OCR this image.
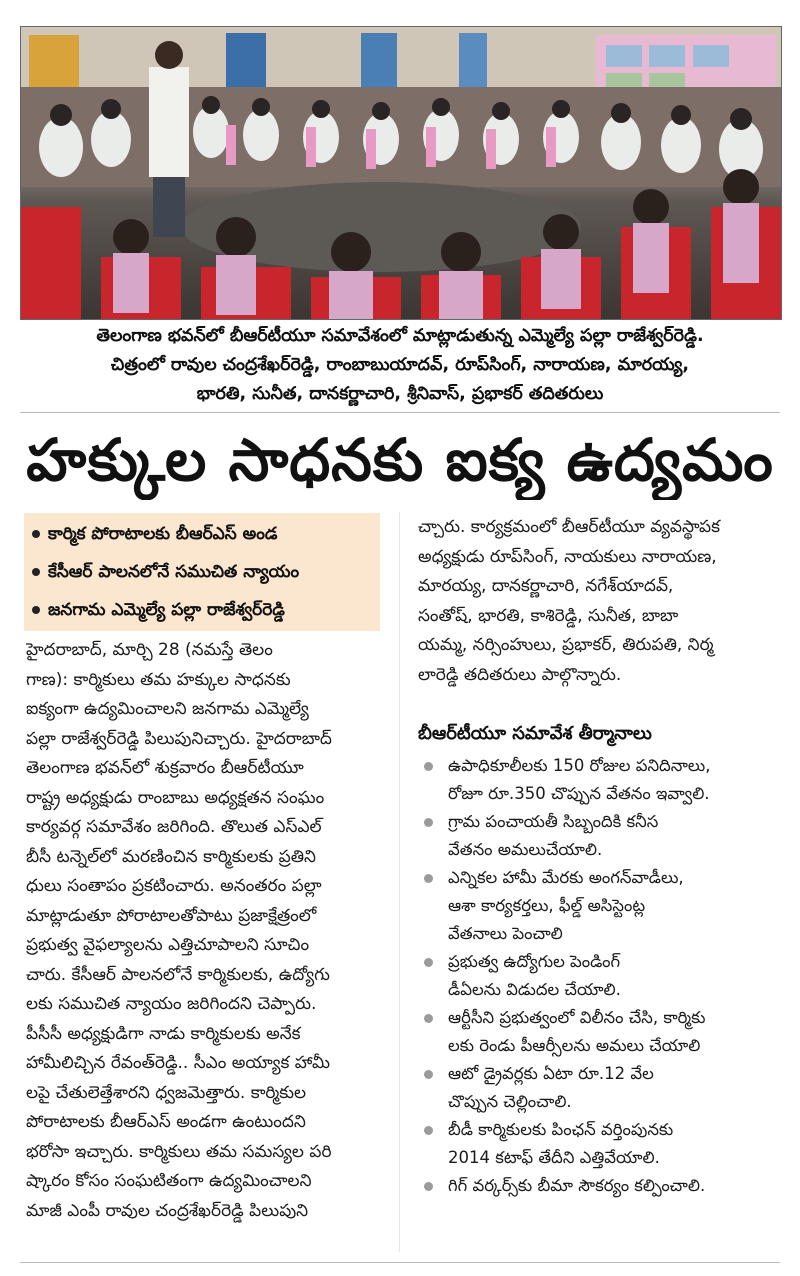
తెలంగాణ భవన్‌లో బీఆర్‌టీయూ సమావేశంలో మాట్లాడుతున్న ఎమ్మెల్యే పల్లా రాజేశ్వర్‌రెడ్డి.
చిత్రంలో రావుల చంద్రశేఖర్‌రెడ్డి, రాంబాబుయాదవ్, రూప్‌సింగ్, నారాయణ, మారయ్య,
భారతి, సునీత, దానకర్ణాచారి, శ్రీనివాస్, ప్రభాకర్ తదితరులు
హక్కుల సాధనకు ఐక్య ఉద్యమం
కార్మిక పోరాటాలకు బీఆర్‌ఎస్ అండ
కేసీఆర్ పాలనలోనే సముచిత న్యాయం
జనగామ ఎమ్మెల్యే పల్లా రాజేశ్వర్‌రెడ్డి
హైదరాబాద్, మార్చి 28 (నమస్తే తెలం
గాణ): కార్మికులు తమ హక్కుల సాధనకు
ఐక్యంగా ఉద్యమించాలని జనగామ ఎమ్మెల్యే
పల్లా రాజేశ్వర్‌రెడ్డి పిలుపునిచ్చారు. హైదరాబాద్
తెలంగాణ భవన్‌లో శుక్రవారం బీఆర్‌టీయూ
రాష్ట్ర అధ్యక్షుడు రాంబాబు అధ్యక్షతన సంఘం
కార్యవర్గ సమావేశం జరిగింది. తొలుత ఎస్‌ఎల్
బీసీ టన్నెల్‌లో మరణించిన కార్మికులకు ప్రతిని
ధులు సంతాపం ప్రకటించారు. అనంతరం పల్లా
మాట్లాడుతూ పోరాటాలతోపాటు ప్రజాక్షేత్రంలో
ప్రభుత్వ వైఫల్యాలను ఎత్తిచూపాలని సూచిం
చారు. కేసీఆర్ పాలనలోనే కార్మికులకు, ఉద్యోగు
లకు సముచిత న్యాయం జరిగిందని చెప్పారు.
పీసీసీ అధ్యక్షుడిగా నాడు కార్మికులకు అనేక
హామీలిచ్చిన రేవంత్‌రెడ్డి.. సీఎం అయ్యాక హామీ
లపై చేతులెత్తేశారని ధ్వజమెత్తారు. కార్మికుల
పోరాటాలకు బీఆర్‌ఎస్ అండగా ఉంటుందని
భరోసా ఇచ్చారు. కార్మికులు తమ సమస్యల పరి
ష్కారం కోసం సంఘటితంగా ఉద్యమించాలని
మాజీ ఎంపీ రావుల చంద్రశేఖర్‌రెడ్డి పిలుపుని
చ్చారు. కార్యక్రమంలో బీఆర్‌టీయూ వ్యవస్థాపక
అధ్యక్షుడు రూప్‌సింగ్, నాయకులు నారాయణ,
మారయ్య, దానకర్ణాచారి, నగేశ్‌యాదవ్,
సంతోష్, భారతి, కాశిరెడ్డి, సునీత, బాబా
యమ్మ, నర్సింహులు, ప్రభాకర్, తిరుపతి, నిర్మ
లారెడ్డి తదితరులు పాల్గొన్నారు.
బీఆర్‌టీయూ సమావేశ తీర్మానాలు
ఉపాధికూలీలకు 150 రోజుల పనిదినాలు,
రోజూ రూ.350 చొప్పున వేతనం ఇవ్వాలి.
గ్రామ పంచాయతీ సిబ్బందికి కనీస
వేతనం అమలుచేయాలి.
ఎన్నికల హామీ మేరకు అంగన్‌వాడీలు,
ఆశా కార్యకర్తలు, ఫీల్డ్ అసిస్టెంట్ల
వేతనాలు పెంచాలి
ప్రభుత్వ ఉద్యోగుల పెండింగ్
డీఏలను విడుదల చేయాలి.
ఆర్టీసీని ప్రభుత్వంలో విలీనం చేసి, కార్మికు
లకు రెండు పీఆర్సీలను అమలు చేయాలి
ఆటో డ్రైవర్లకు ఏటా రూ.12 వేల
చొప్పున చెల్లించాలి.
బీడీ కార్మికులకు పింఛన్ వర్తింపునకు
2014 కటాఫ్ తేదీని ఎత్తివేయాలి.
గిగ్ వర్కర్స్‌కు బీమా సౌకర్యం కల్పించాలి.
